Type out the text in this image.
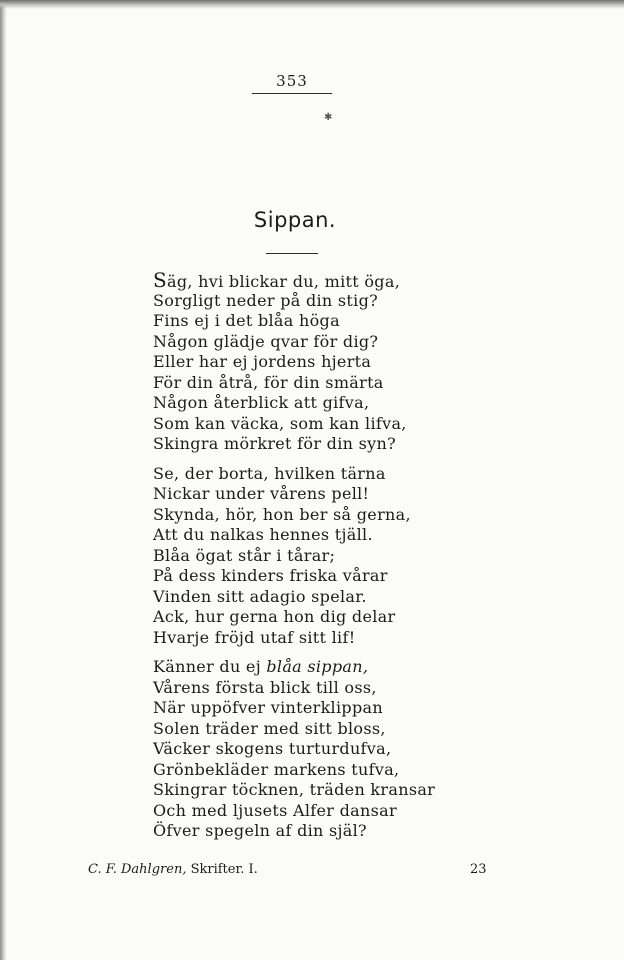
353
✱
Sippan.
Säg, hvi blickar du, mitt öga,
Sorgligt neder på din stig?
Fins ej i det blåa höga
Någon glädje qvar för dig?
Eller har ej jordens hjerta
För din åtrå, för din smärta
Någon återblick att gifva,
Som kan väcka, som kan lifva,
Skingra mörkret för din syn?
Se, der borta, hvilken tärna
Nickar under vårens pell!
Skynda, hör, hon ber så gerna,
Att du nalkas hennes tjäll.
Blåa ögat står i tårar;
På dess kinders friska vårar
Vinden sitt adagio spelar.
Ack, hur gerna hon dig delar
Hvarje fröjd utaf sitt lif!
Känner du ej blåa sippan,
Vårens första blick till oss,
När uppöfver vinterklippan
Solen träder med sitt bloss,
Väcker skogens turturdufva,
Grönbekläder markens tufva,
Skingrar töcknen, träden kransar
Och med ljusets Alfer dansar
Öfver spegeln af din själ?
C. F. Dahlgren, Skrifter. I.	23
